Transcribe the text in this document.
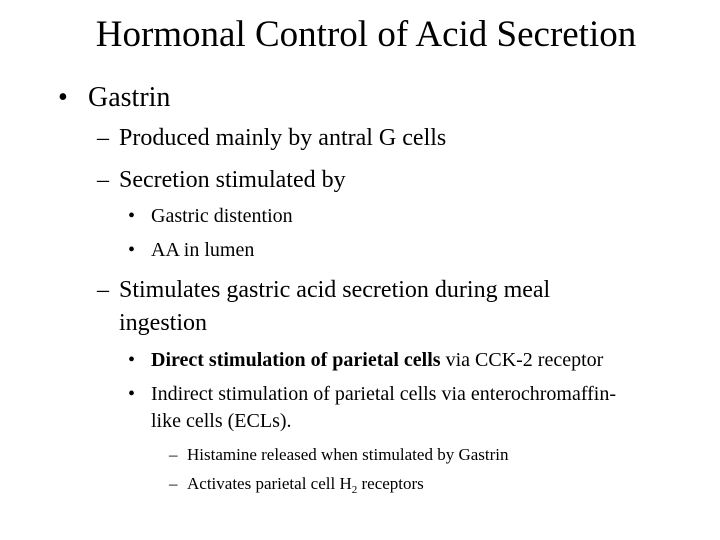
Hormonal Control of Acid Secretion
• Gastrin
– Produced mainly by antral G cells
– Secretion stimulated by
• Gastric distention
• AA in lumen
– Stimulates gastric acid secretion during meal
ingestion
• Direct stimulation of parietal cells via CCK-2 receptor
• Indirect stimulation of parietal cells via enterochromaffin-
like cells (ECLs).
– Histamine released when stimulated by Gastrin
– Activates parietal cell $H_2$ receptors
